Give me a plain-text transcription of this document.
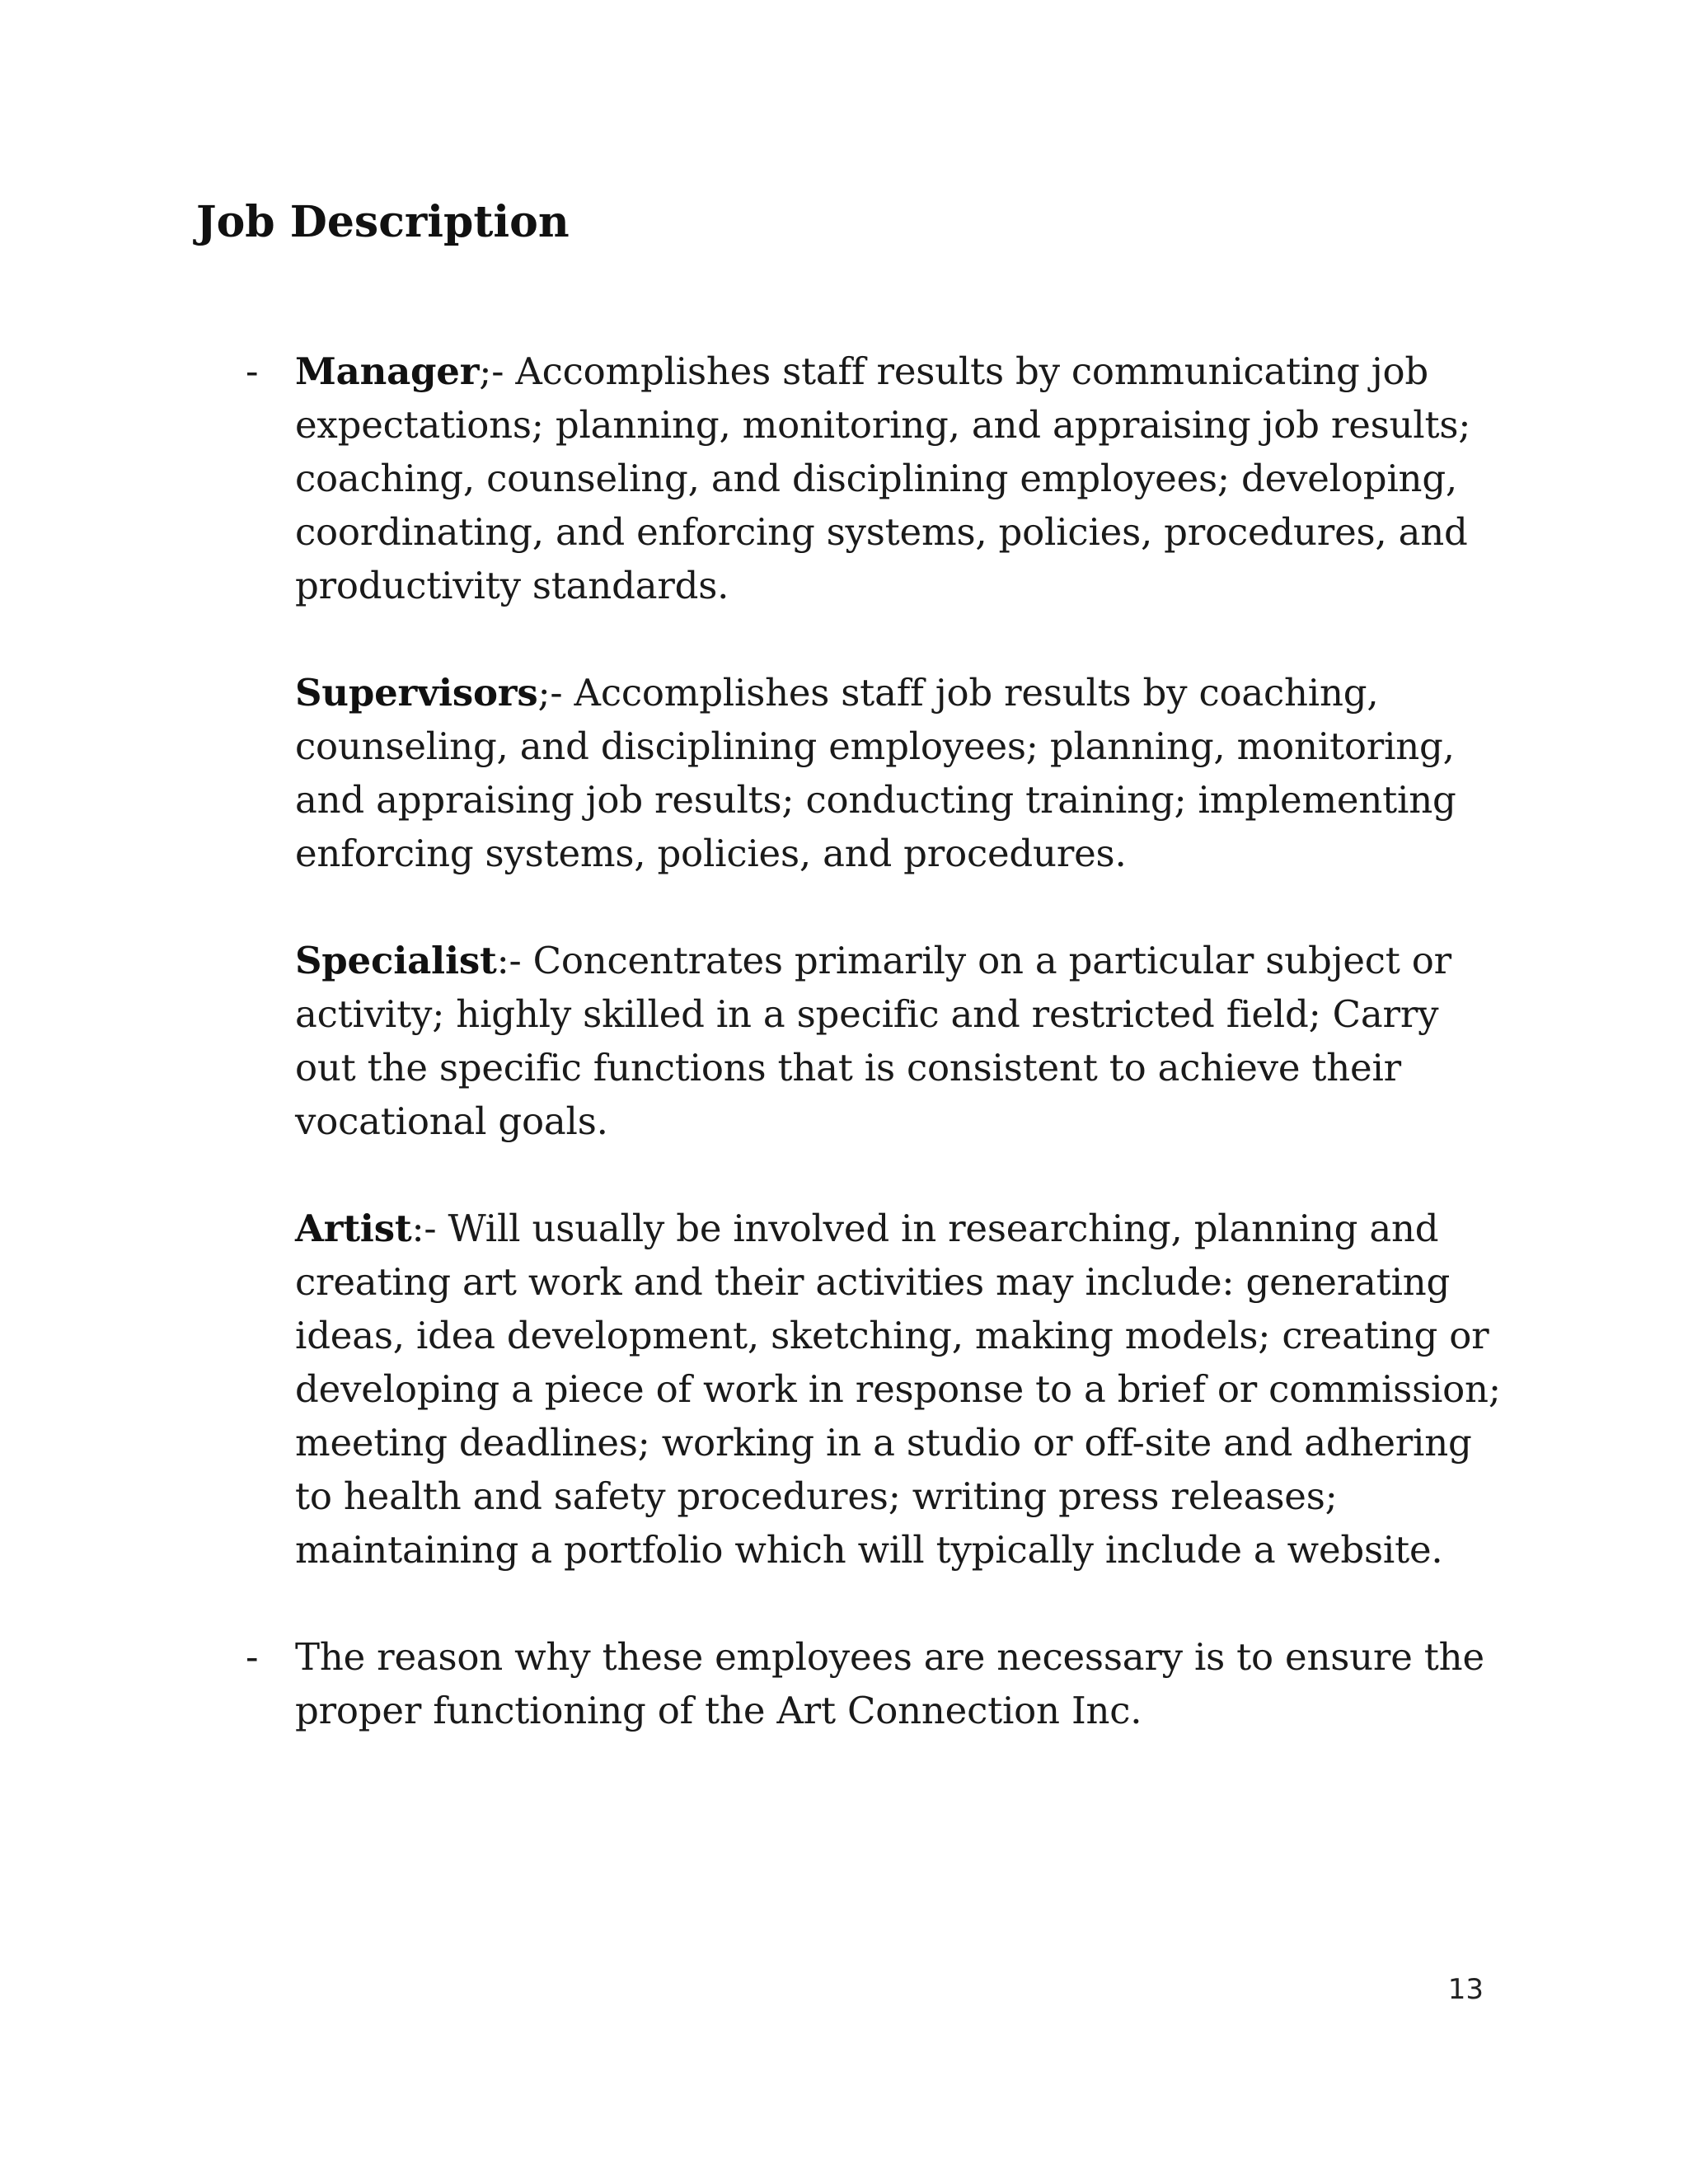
Job Description
- Manager;- Accomplishes staff results by communicating job expectations; planning, monitoring, and appraising job results; coaching, counseling, and disciplining employees; developing, coordinating, and enforcing systems, policies, procedures, and productivity standards.

Supervisors;- Accomplishes staff job results by coaching, counseling, and disciplining employees; planning, monitoring, and appraising job results; conducting training; implementing enforcing systems, policies, and procedures.

Specialist:- Concentrates primarily on a particular subject or activity; highly skilled in a specific and restricted field; Carry out the specific functions that is consistent to achieve their vocational goals.

Artist:- Will usually be involved in researching, planning and creating art work and their activities may include: generating ideas, idea development, sketching, making models; creating or developing a piece of work in response to a brief or commission; meeting deadlines; working in a studio or off-site and adhering to health and safety procedures; writing press releases; maintaining a portfolio which will typically include a website.

- The reason why these employees are necessary is to ensure the proper functioning of the Art Connection Inc.

13
